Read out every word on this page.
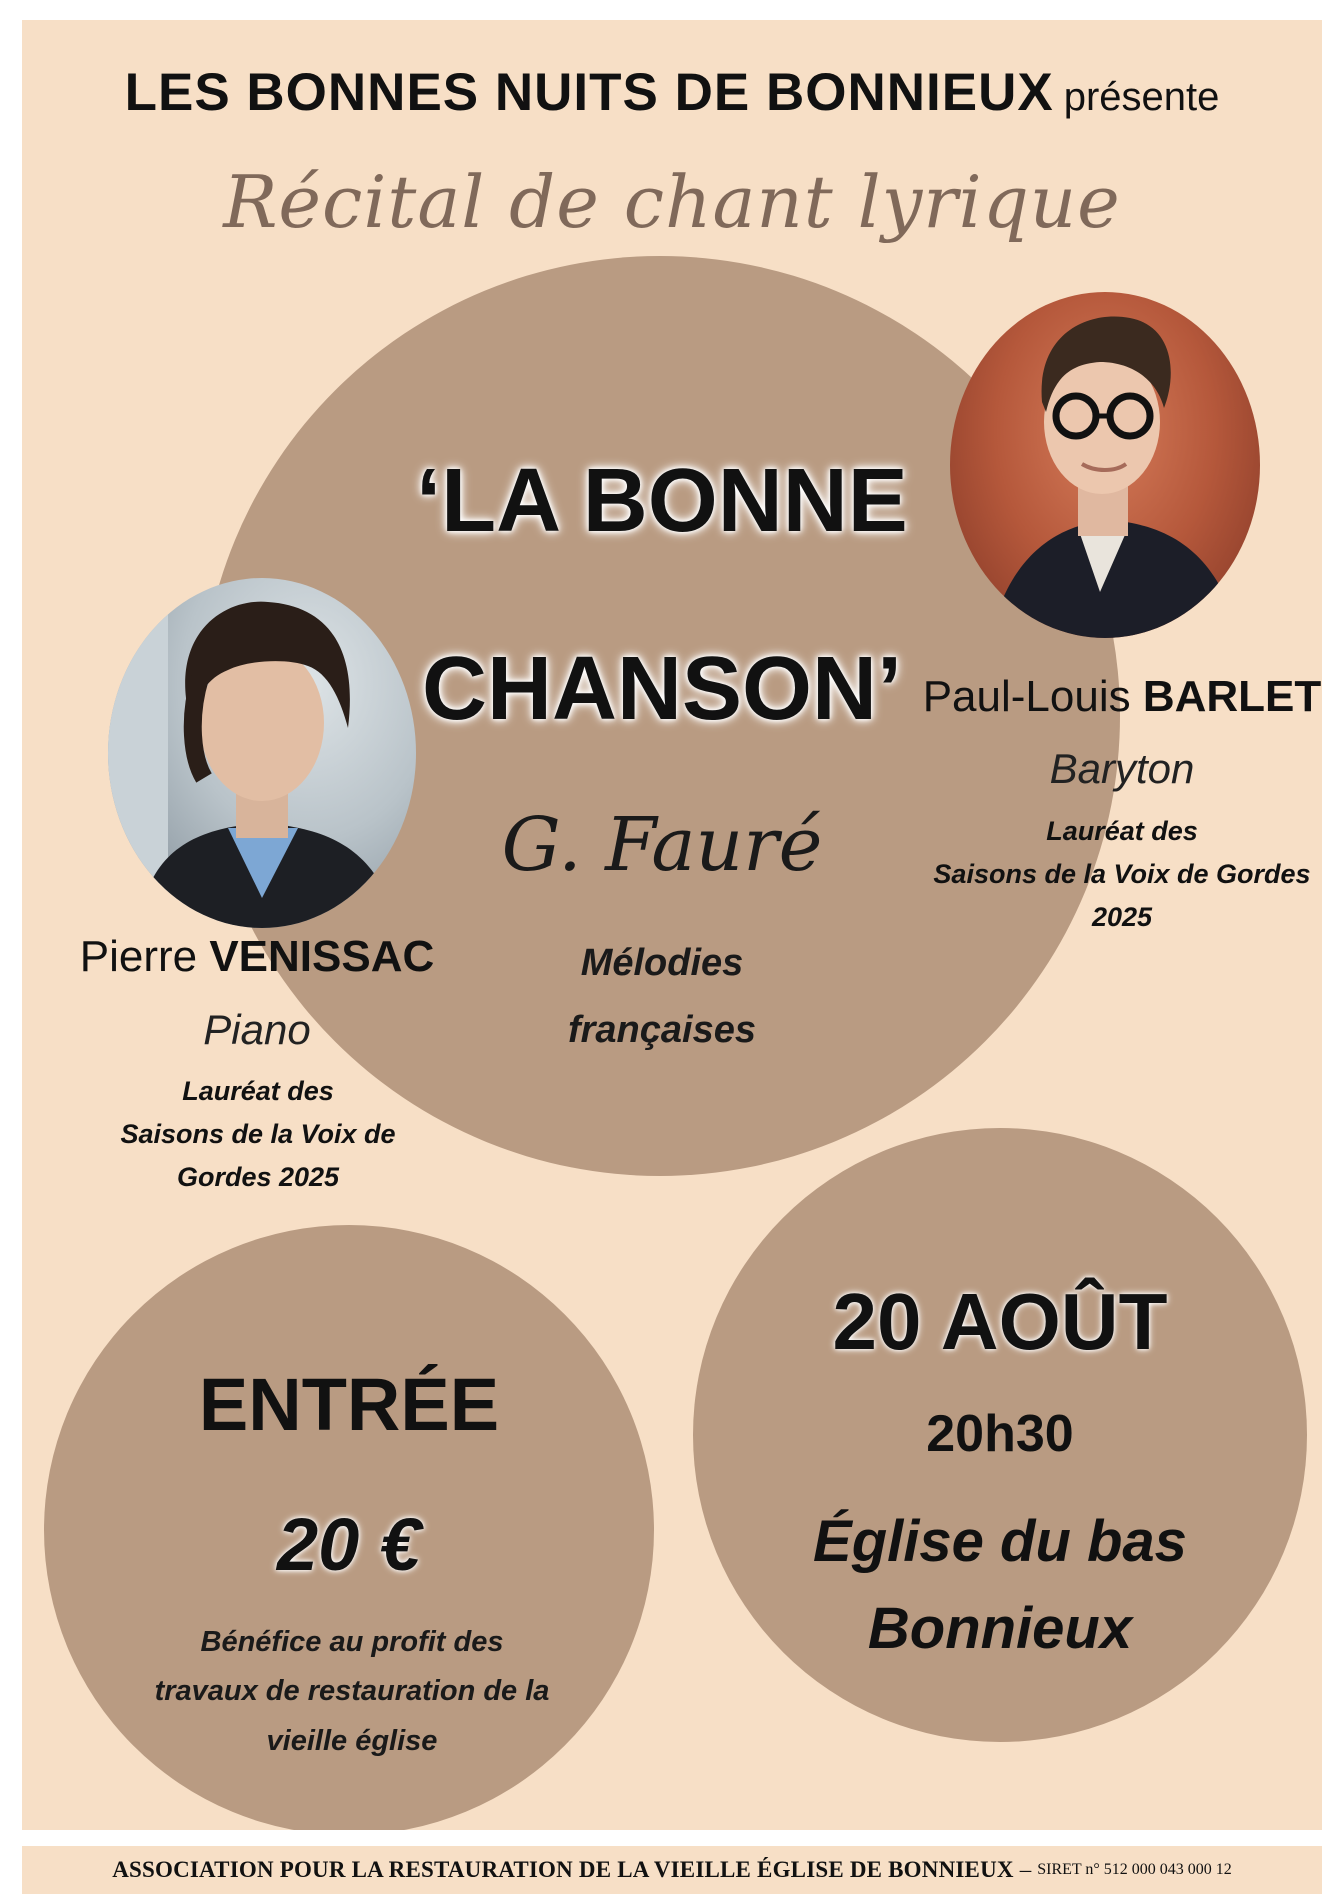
LES BONNES NUITS DE BONNIEUX présente
Récital de chant lyrique
‘LA BONNE
CHANSON’
G. Fauré
Mélodies
françaises
Pierre VENISSAC
Piano
Lauréat des
Saisons de la Voix de
Gordes 2025
Paul-Louis BARLET
Baryton
Lauréat des
Saisons de la Voix de Gordes
2025
ENTRÉE
20 €
Bénéfice au profit des
travaux de restauration de la
vieille église
20 AOÛT
20h30
Église du bas
Bonnieux
ASSOCIATION POUR LA RESTAURATION DE LA VIEILLE ÉGLISE DE BONNIEUX – SIRET n° 512 000 043 000 12
